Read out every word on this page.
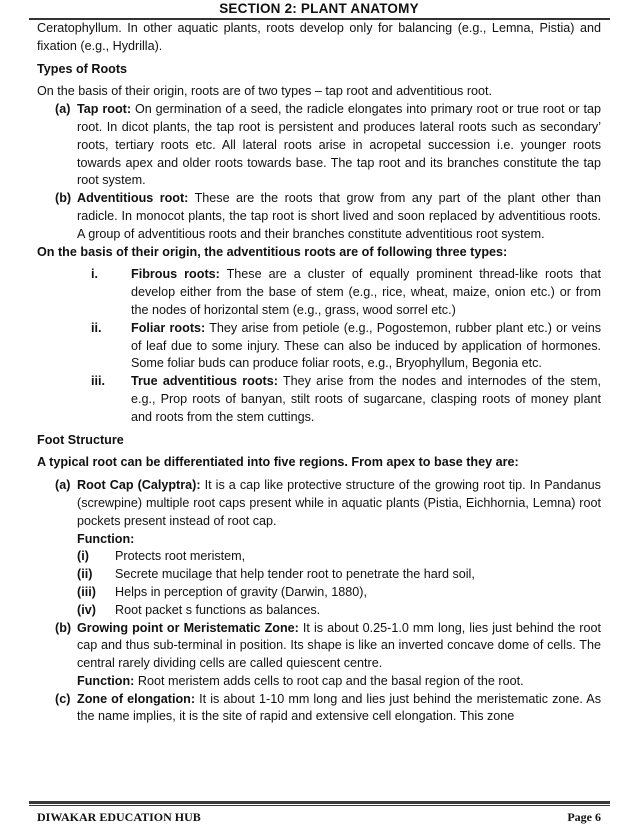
SECTION 2: PLANT ANATOMY

Ceratophyllum. In other aquatic plants, roots develop only for balancing (e.g., Lemna, Pistia) and fixation (e.g., Hydrilla).

Types of Roots

On the basis of their origin, roots are of two types – tap root and adventitious root.

(a) Tap root: On germination of a seed, the radicle elongates into primary root or true root or tap root. In dicot plants, the tap root is persistent and produces lateral roots such as secondary’ roots, tertiary roots etc. All lateral roots arise in acropetal succession i.e. younger roots towards apex and older roots towards base. The tap root and its branches constitute the tap root system.
(b) Adventitious root: These are the roots that grow from any part of the plant other than radicle. In monocot plants, the tap root is short lived and soon replaced by adventitious roots. A group of adventitious roots and their branches constitute adventitious root system.

On the basis of their origin, the adventitious roots are of following three types:

i.	Fibrous roots: These are a cluster of equally prominent thread-like roots that develop either from the base of stem (e.g., rice, wheat, maize, onion etc.) or from the nodes of horizontal stem (e.g., grass, wood sorrel etc.)
ii.	Foliar roots: They arise from petiole (e.g., Pogostemon, rubber plant etc.) or veins of leaf due to some injury. These can also be induced by application of hormones. Some foliar buds can produce foliar roots, e.g., Bryophyllum, Begonia etc.
iii.	True adventitious roots: They arise from the nodes and internodes of the stem, e.g., Prop roots of banyan, stilt roots of sugarcane, clasping roots of money plant and roots from the stem cuttings.

Foot Structure

A typical root can be differentiated into five regions. From apex to base they are:

(a) Root Cap (Calyptra): It is a cap like protective structure of the growing root tip. In Pandanus (screwpine) multiple root caps present while in aquatic plants (Pistia, Eichhornia, Lemna) root pockets present instead of root cap.
Function:
(i)	Protects root meristem,
(ii)	Secrete mucilage that help tender root to penetrate the hard soil,
(iii)	Helps in perception of gravity (Darwin, 1880),
(iv)	Root packet s functions as balances.
(b) Growing point or Meristematic Zone: It is about 0.25-1.0 mm long, lies just behind the root cap and thus sub-terminal in position. Its shape is like an inverted concave dome of cells. The central rarely dividing cells are called quiescent centre.
Function: Root meristem adds cells to root cap and the basal region of the root.
(c) Zone of elongation: It is about 1-10 mm long and lies just behind the meristematic zone. As the name implies, it is the site of rapid and extensive cell elongation. This zone
DIWAKAR EDUCATION HUB	Page 6
